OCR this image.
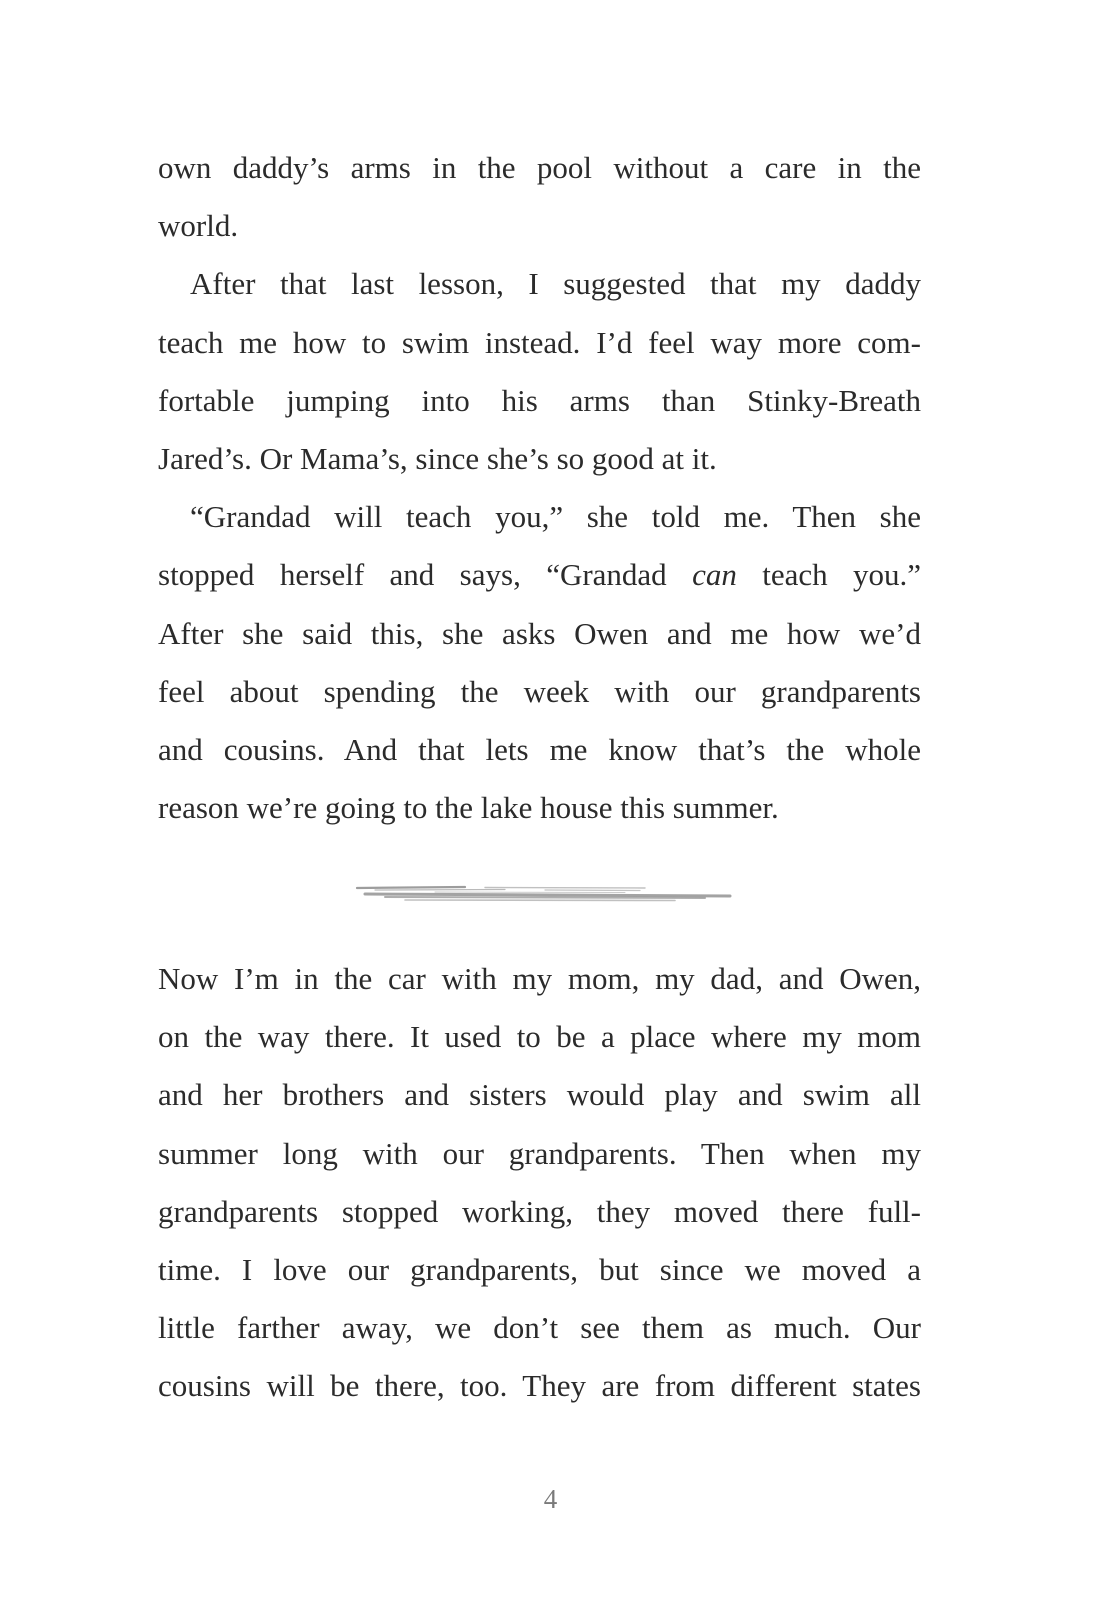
own daddy’s arms in the pool without a care in the
world.

After that last lesson, I suggested that my daddy
teach me how to swim instead. I’d feel way more com-
fortable jumping into his arms than Stinky-Breath
Jared’s. Or Mama’s, since she’s so good at it.

“Grandad will teach you,” she told me. Then she
stopped herself and says, “Grandad can teach you.”
After she said this, she asks Owen and me how we’d
feel about spending the week with our grandparents
and cousins. And that lets me know that’s the whole
reason we’re going to the lake house this summer.

Now I’m in the car with my mom, my dad, and Owen,
on the way there. It used to be a place where my mom
and her brothers and sisters would play and swim all
summer long with our grandparents. Then when my
grandparents stopped working, they moved there full-
time. I love our grandparents, but since we moved a
little farther away, we don’t see them as much. Our
cousins will be there, too. They are from different states

4
